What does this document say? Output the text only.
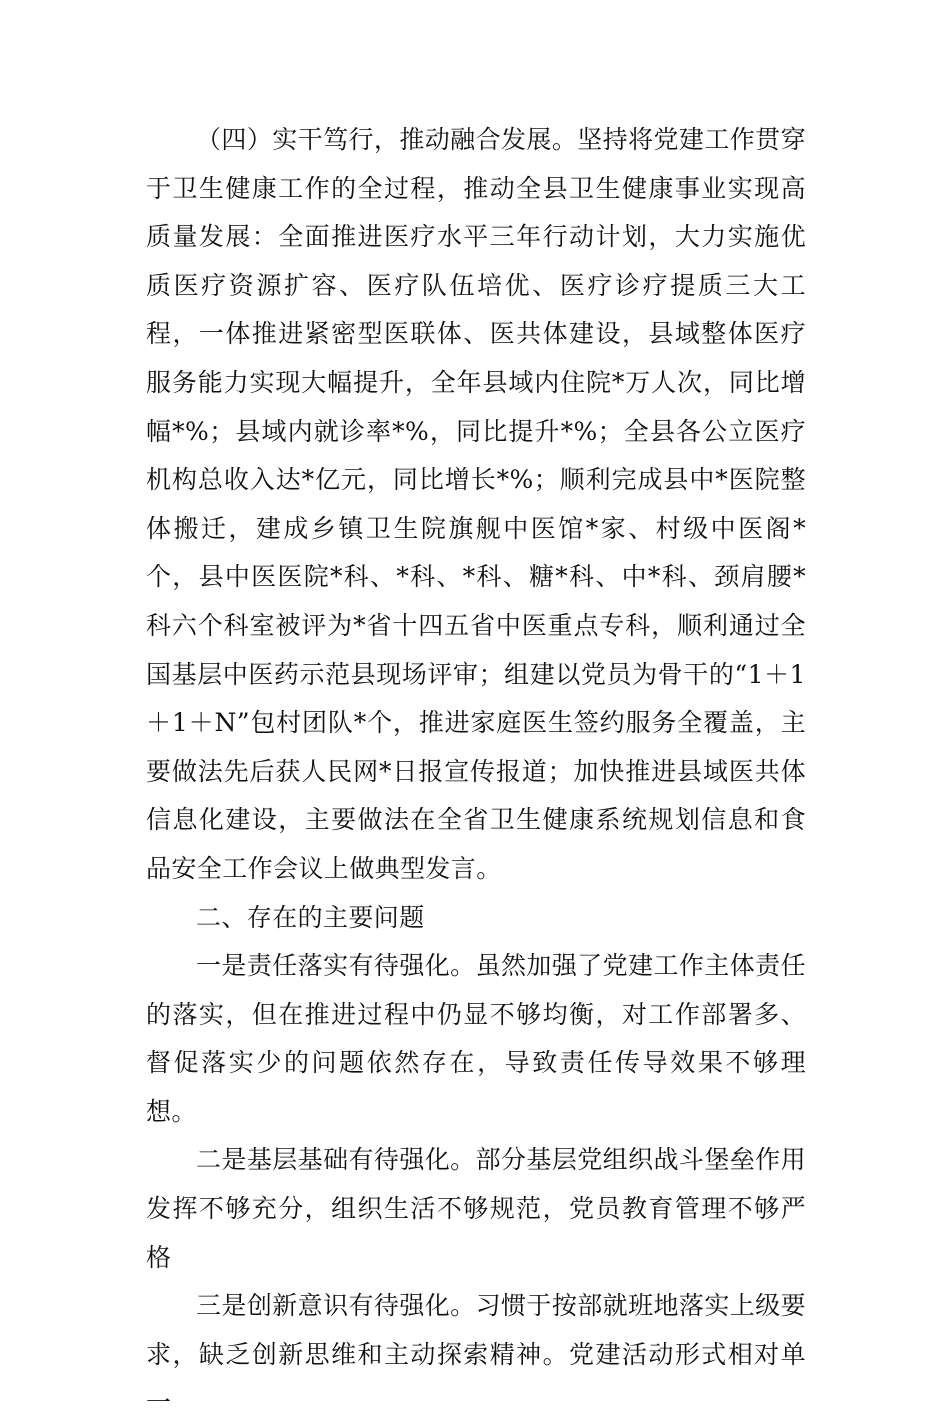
（四）实干笃行，推动融合发展。坚持将党建工作贯穿于卫生健康工作的全过程，推动全县卫生健康事业实现高质量发展：全面推进医疗水平三年行动计划，大力实施优质医疗资源扩容、医疗队伍培优、医疗诊疗提质三大工程，一体推进紧密型医联体、医共体建设，县域整体医疗服务能力实现大幅提升，全年县域内住院*万人次，同比增幅*%；县域内就诊率*%，同比提升*%；全县各公立医疗机构总收入达*亿元，同比增长*%；顺利完成县中*医院整体搬迁，建成乡镇卫生院旗舰中医馆*家、村级中医阁*个，县中医医院*科、*科、*科、糖*科、中*科、颈肩腰*科六个科室被评为*省十四五省中医重点专科，顺利通过全国基层中医药示范县现场评审；组建以党员为骨干的“1＋1＋1＋N”包村团队*个，推进家庭医生签约服务全覆盖，主要做法先后获人民网*日报宣传报道；加快推进县域医共体信息化建设，主要做法在全省卫生健康系统规划信息和食品安全工作会议上做典型发言。

二、存在的主要问题

一是责任落实有待强化。虽然加强了党建工作主体责任的落实，但在推进过程中仍显不够均衡，对工作部署多、督促落实少的问题依然存在，导致责任传导效果不够理想。

二是基层基础有待强化。部分基层党组织战斗堡垒作用发挥不够充分，组织生活不够规范，党员教育管理不够严格

三是创新意识有待强化。习惯于按部就班地落实上级要求，缺乏创新思维和主动探索精神。党建活动形式相对单一
